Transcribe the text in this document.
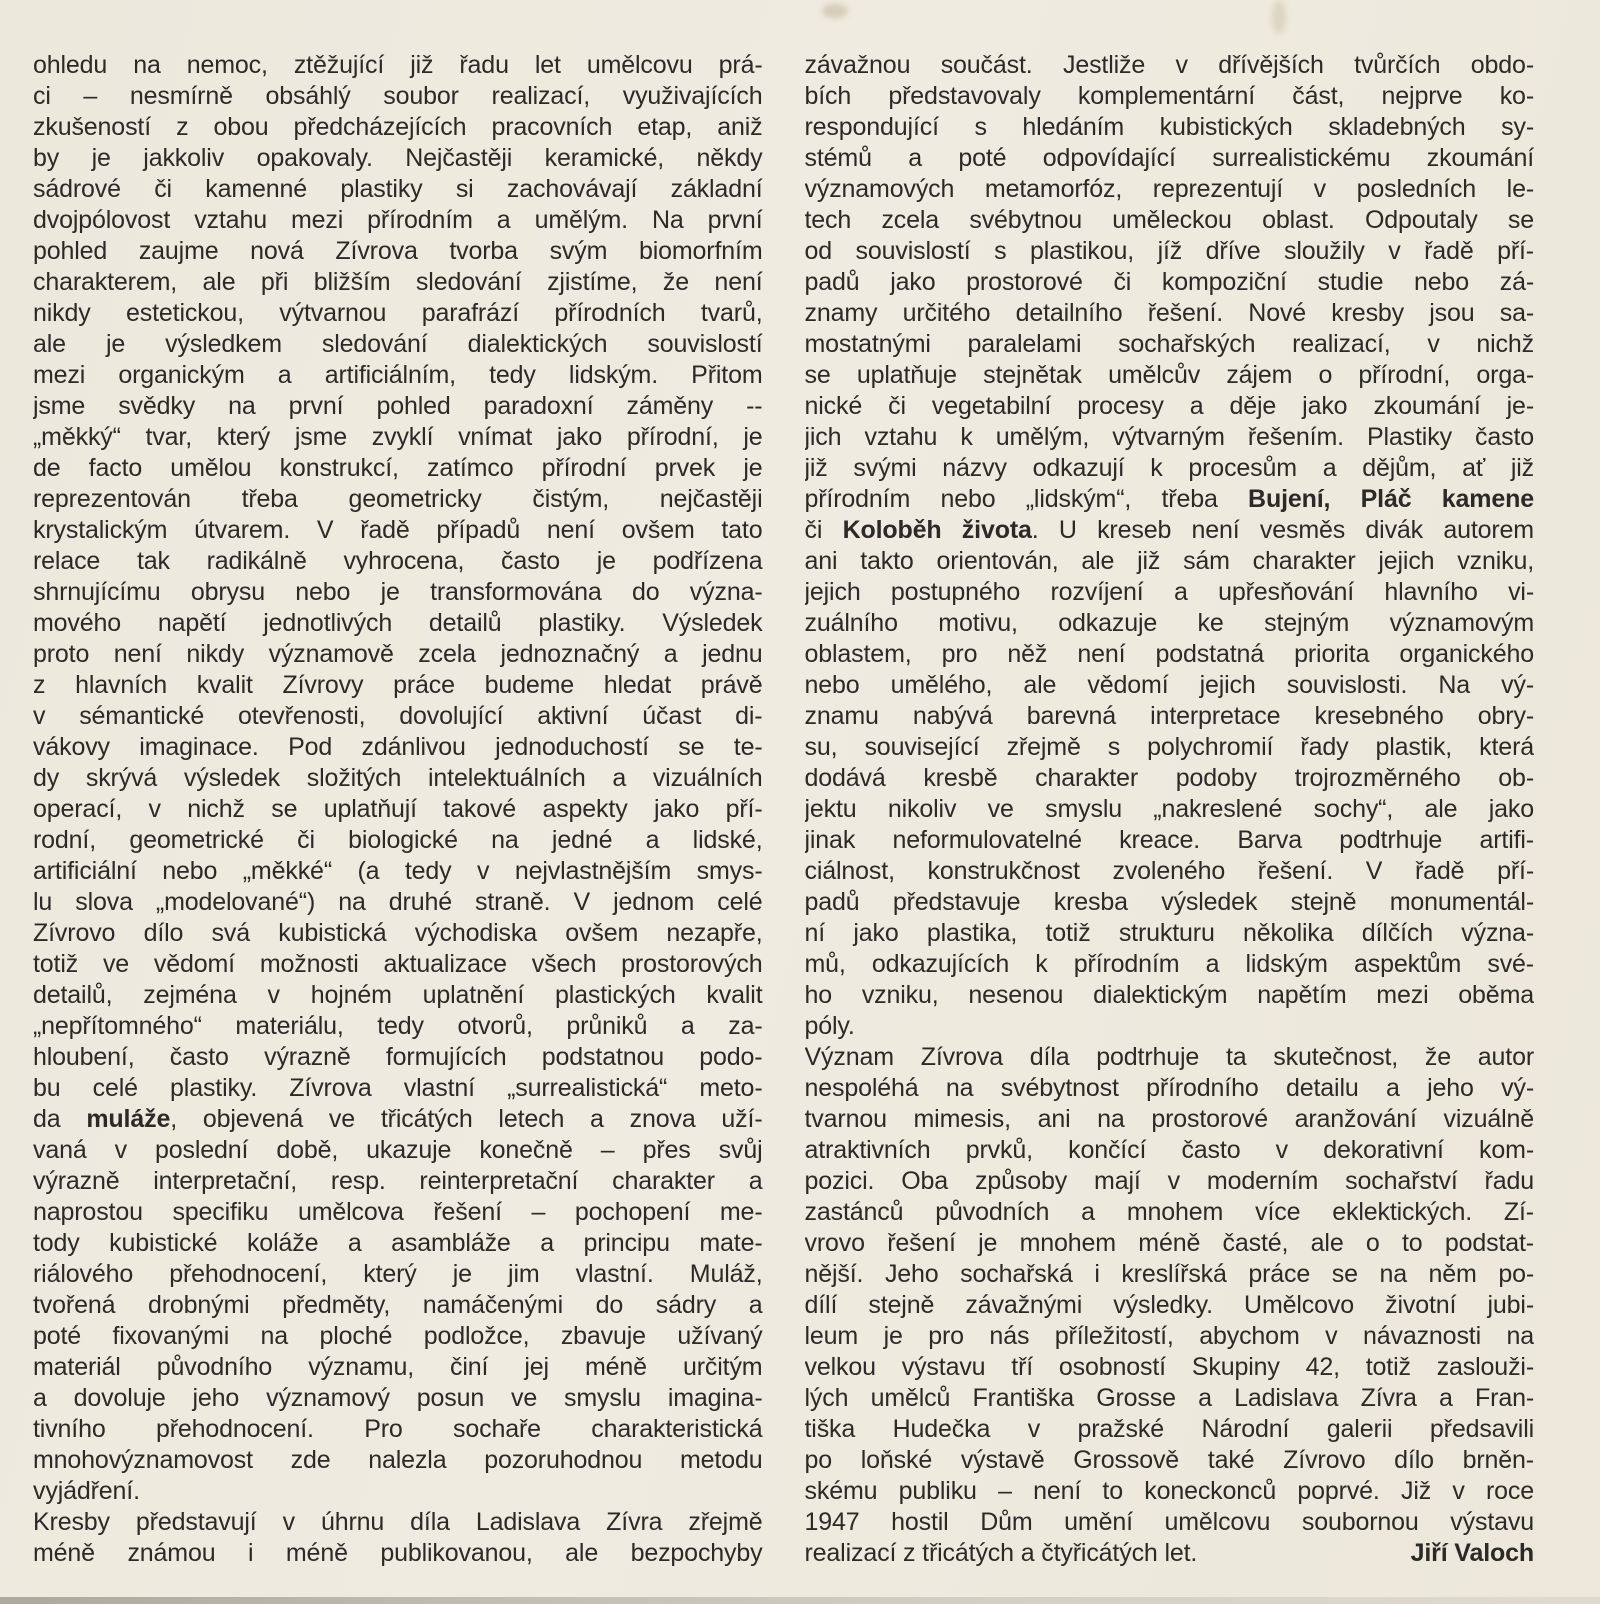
ohledu na nemoc, ztěžující již řadu let umělcovu prá-
ci – nesmírně obsáhlý soubor realizací, využivajících
zkušeností z obou předcházejících pracovních etap, aniž
by je jakkoliv opakovaly. Nejčastěji keramické, někdy
sádrové či kamenné plastiky si zachovávají základní
dvojpólovost vztahu mezi přírodním a umělým. Na první
pohled zaujme nová Zívrova tvorba svým biomorfním
charakterem, ale při bližším sledování zjistíme, že není
nikdy estetickou, výtvarnou parafrází přírodních tvarů,
ale je výsledkem sledování dialektických souvislostí
mezi organickým a artificiálním, tedy lidským. Přitom
jsme svědky na první pohled paradoxní záměny --
„měkký“ tvar, který jsme zvyklí vnímat jako přírodní, je
de facto umělou konstrukcí, zatímco přírodní prvek je
reprezentován třeba geometricky čistým, nejčastěji
krystalickým útvarem. V řadě případů není ovšem tato
relace tak radikálně vyhrocena, často je podřízena
shrnujícímu obrysu nebo je transformována do význa-
mového napětí jednotlivých detailů plastiky. Výsledek
proto není nikdy významově zcela jednoznačný a jednu
z hlavních kvalit Zívrovy práce budeme hledat právě
v sémantické otevřenosti, dovolující aktivní účast di-
vákovy imaginace. Pod zdánlivou jednoduchostí se te-
dy skrývá výsledek složitých intelektuálních a vizuálních
operací, v nichž se uplatňují takové aspekty jako pří-
rodní, geometrické či biologické na jedné a lidské,
artificiální nebo „měkké“ (a tedy v nejvlastnějším smys-
lu slova „modelované“) na druhé straně. V jednom celé
Zívrovo dílo svá kubistická východiska ovšem nezapře,
totiž ve vědomí možnosti aktualizace všech prostorových
detailů, zejména v hojném uplatnění plastických kvalit
„nepřítomného“ materiálu, tedy otvorů, průniků a za-
hloubení, často výrazně formujících podstatnou podo-
bu celé plastiky. Zívrova vlastní „surrealistická“ meto-
da muláže, objevená ve třicátých letech a znova uží-
vaná v poslední době, ukazuje konečně – přes svůj
výrazně interpretační, resp. reinterpretační charakter a
naprostou specifiku umělcova řešení – pochopení me-
tody kubistické koláže a asambláže a principu mate-
riálového přehodnocení, který je jim vlastní. Muláž,
tvořená drobnými předměty, namáčenými do sádry a
poté fixovanými na ploché podložce, zbavuje užívaný
materiál původního významu, činí jej méně určitým
a dovoluje jeho významový posun ve smyslu imagina-
tivního přehodnocení. Pro sochaře charakteristická
mnohovýznamovost zde nalezla pozoruhodnou metodu
vyjádření.
Kresby představují v úhrnu díla Ladislava Zívra zřejmě
méně známou i méně publikovanou, ale bezpochyby
závažnou součást. Jestliže v dřívějších tvůrčích obdo-
bích představovaly komplementární část, nejprve ko-
respondující s hledáním kubistických skladebných sy-
stémů a poté odpovídající surrealistickému zkoumání
významových metamorfóz, reprezentují v posledních le-
tech zcela svébytnou uměleckou oblast. Odpoutaly se
od souvislostí s plastikou, jíž dříve sloužily v řadě pří-
padů jako prostorové či kompoziční studie nebo zá-
znamy určitého detailního řešení. Nové kresby jsou sa-
mostatnými paralelami sochařských realizací, v nichž
se uplatňuje stejnětak umělcův zájem o přírodní, orga-
nické či vegetabilní procesy a děje jako zkoumání je-
jich vztahu k umělým, výtvarným řešením. Plastiky často
již svými názvy odkazují k procesům a dějům, ať již
přírodním nebo „lidským“, třeba Bujení, Pláč kamene
či Koloběh života. U kreseb není vesměs divák autorem
ani takto orientován, ale již sám charakter jejich vzniku,
jejich postupného rozvíjení a upřesňování hlavního vi-
zuálního motivu, odkazuje ke stejným významovým
oblastem, pro něž není podstatná priorita organického
nebo umělého, ale vědomí jejich souvislosti. Na vý-
znamu nabývá barevná interpretace kresebného obry-
su, související zřejmě s polychromií řady plastik, která
dodává kresbě charakter podoby trojrozměrného ob-
jektu nikoliv ve smyslu „nakreslené sochy“, ale jako
jinak neformulovatelné kreace. Barva podtrhuje artifi-
ciálnost, konstrukčnost zvoleného řešení. V řadě pří-
padů představuje kresba výsledek stejně monumentál-
ní jako plastika, totiž strukturu několika dílčích význa-
mů, odkazujících k přírodním a lidským aspektům své-
ho vzniku, nesenou dialektickým napětím mezi oběma
póly.
Význam Zívrova díla podtrhuje ta skutečnost, že autor
nespoléhá na svébytnost přírodního detailu a jeho vý-
tvarnou mimesis, ani na prostorové aranžování vizuálně
atraktivních prvků, končící často v dekorativní kom-
pozici. Oba způsoby mají v moderním sochařství řadu
zastánců původních a mnohem více eklektických. Zí-
vrovo řešení je mnohem méně časté, ale o to podstat-
nější. Jeho sochařská i kreslířská práce se na něm po-
dílí stejně závažnými výsledky. Umělcovo životní jubi-
leum je pro nás příležitostí, abychom v návaznosti na
velkou výstavu tří osobností Skupiny 42, totiž zaslouži-
lých umělců Františka Grosse a Ladislava Zívra a Fran-
tiška Hudečka v pražské Národní galerii předsavili
po loňské výstavě Grossově také Zívrovo dílo brněn-
skému publiku – není to koneckonců poprvé. Již v roce
1947 hostil Dům umění umělcovu soubornou výstavu
realizací z třicátých a čtyřicátých let.	Jiří Valoch
